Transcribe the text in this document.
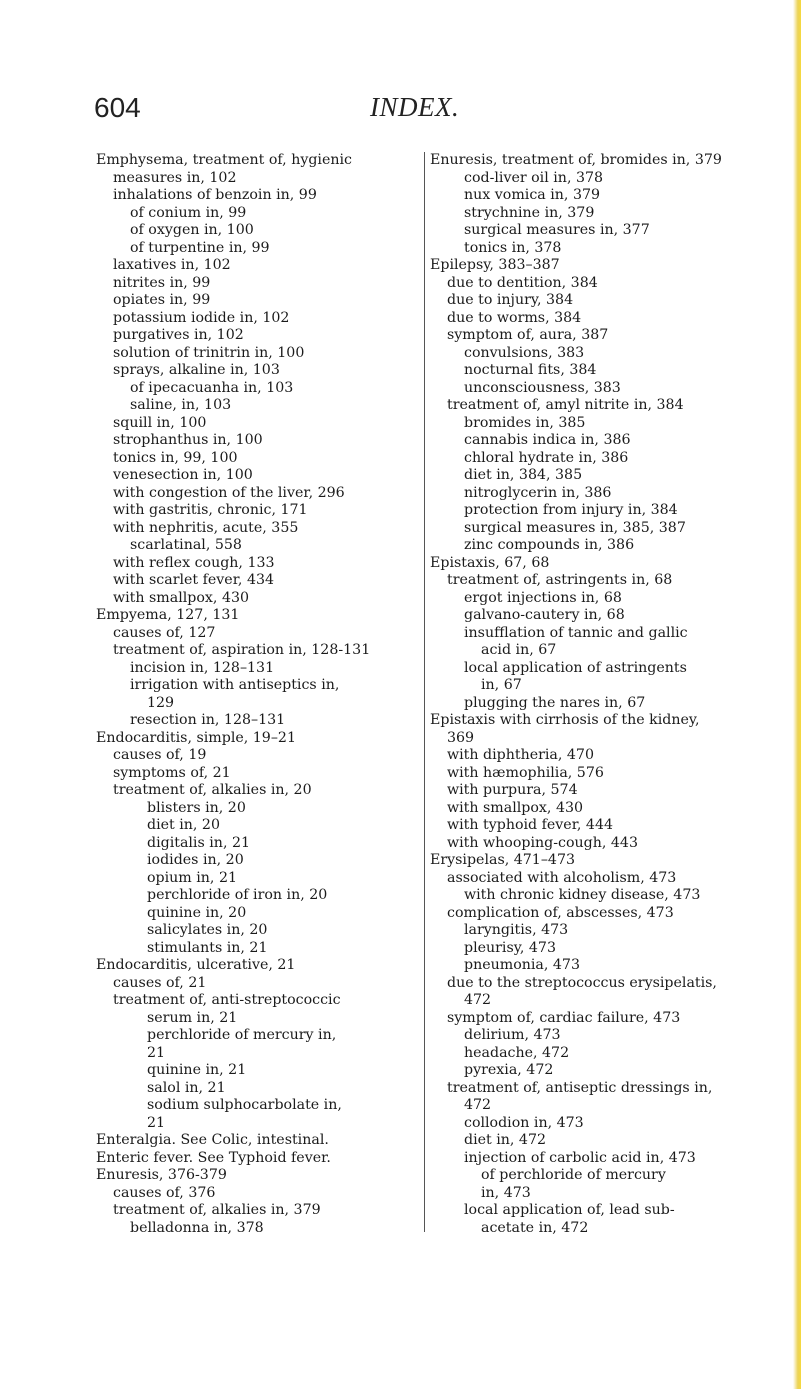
604	INDEX.
Emphysema, treatment of, hygienic
measures in, 102
inhalations of benzoin in, 99
of conium in, 99
of oxygen in, 100
of turpentine in, 99
laxatives in, 102
nitrites in, 99
opiates in, 99
potassium iodide in, 102
purgatives in, 102
solution of trinitrin in, 100
sprays, alkaline in, 103
of ipecacuanha in, 103
saline, in, 103
squill in, 100
strophanthus in, 100
tonics in, 99, 100
venesection in, 100
with congestion of the liver, 296
with gastritis, chronic, 171
with nephritis, acute, 355
scarlatinal, 558
with reflex cough, 133
with scarlet fever, 434
with smallpox, 430
Empyema, 127, 131
causes of, 127
treatment of, aspiration in, 128-131
incision in, 128–131
irrigation with antiseptics in,
129
resection in, 128–131
Endocarditis, simple, 19–21
causes of, 19
symptoms of, 21
treatment of, alkalies in, 20
blisters in, 20
diet in, 20
digitalis in, 21
iodides in, 20
opium in, 21
perchloride of iron in, 20
quinine in, 20
salicylates in, 20
stimulants in, 21
Endocarditis, ulcerative, 21
causes of, 21
treatment of, anti-streptococcic
serum in, 21
perchloride of mercury in,
21
quinine in, 21
salol in, 21
sodium sulphocarbolate in,
21
Enteralgia. See Colic, intestinal.
Enteric fever. See Typhoid fever.
Enuresis, 376-379
causes of, 376
treatment of, alkalies in, 379
belladonna in, 378
Enuresis, treatment of, bromides in, 379
cod-liver oil in, 378
nux vomica in, 379
strychnine in, 379
surgical measures in, 377
tonics in, 378
Epilepsy, 383–387
due to dentition, 384
due to injury, 384
due to worms, 384
symptom of, aura, 387
convulsions, 383
nocturnal fits, 384
unconsciousness, 383
treatment of, amyl nitrite in, 384
bromides in, 385
cannabis indica in, 386
chloral hydrate in, 386
diet in, 384, 385
nitroglycerin in, 386
protection from injury in, 384
surgical measures in, 385, 387
zinc compounds in, 386
Epistaxis, 67, 68
treatment of, astringents in, 68
ergot injections in, 68
galvano-cautery in, 68
insufflation of tannic and gallic
acid in, 67
local application of astringents
in, 67
plugging the nares in, 67
Epistaxis with cirrhosis of the kidney,
369
with diphtheria, 470
with hæmophilia, 576
with purpura, 574
with smallpox, 430
with typhoid fever, 444
with whooping-cough, 443
Erysipelas, 471–473
associated with alcoholism, 473
with chronic kidney disease, 473
complication of, abscesses, 473
laryngitis, 473
pleurisy, 473
pneumonia, 473
due to the streptococcus erysipelatis,
472
symptom of, cardiac failure, 473
delirium, 473
headache, 472
pyrexia, 472
treatment of, antiseptic dressings in,
472
collodion in, 473
diet in, 472
injection of carbolic acid in, 473
of perchloride of mercury
in, 473
local application of, lead sub-
acetate in, 472
